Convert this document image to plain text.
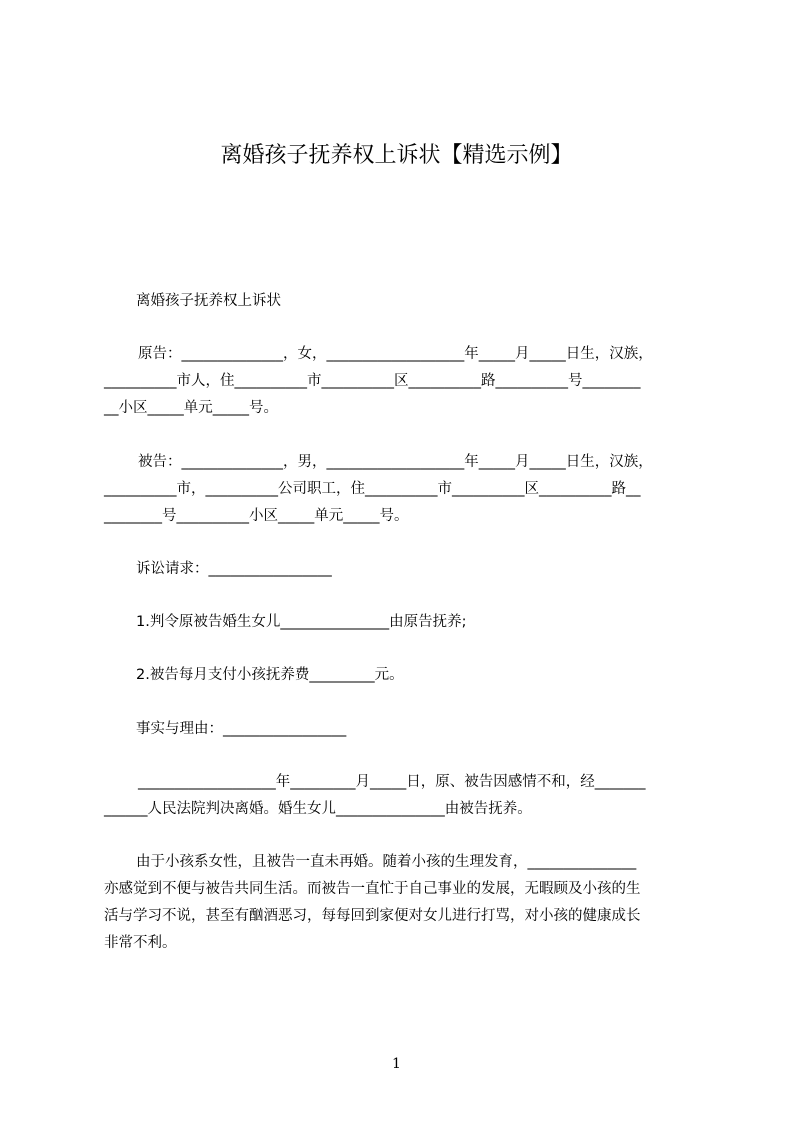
离婚孩子抚养权上诉状【精选示例】
离婚孩子抚养权上诉状
原告：______________，女，___________________年_____月_____日生，汉族，
__________市人，住__________市__________区__________路__________号________
__小区_____单元_____号。
被告：______________，男，___________________年_____月_____日生，汉族，
__________市，__________公司职工，住__________市__________区__________路__
________号__________小区_____单元_____号。
诉讼请求：_________________
1.判令原被告婚生女儿_______________由原告抚养;
2.被告每月支付小孩抚养费_________元。
事实与理由：_________________
___________________年_________月_____日，原、被告因感情不和，经_______
______人民法院判决离婚。婚生女儿_______________由被告抚养。
由于小孩系女性，且被告一直未再婚。随着小孩的生理发育，_______________
亦感觉到不便与被告共同生活。而被告一直忙于自己事业的发展，无暇顾及小孩的生
活与学习不说，甚至有酗酒恶习，每每回到家便对女儿进行打骂，对小孩的健康成长
非常不利。
1
